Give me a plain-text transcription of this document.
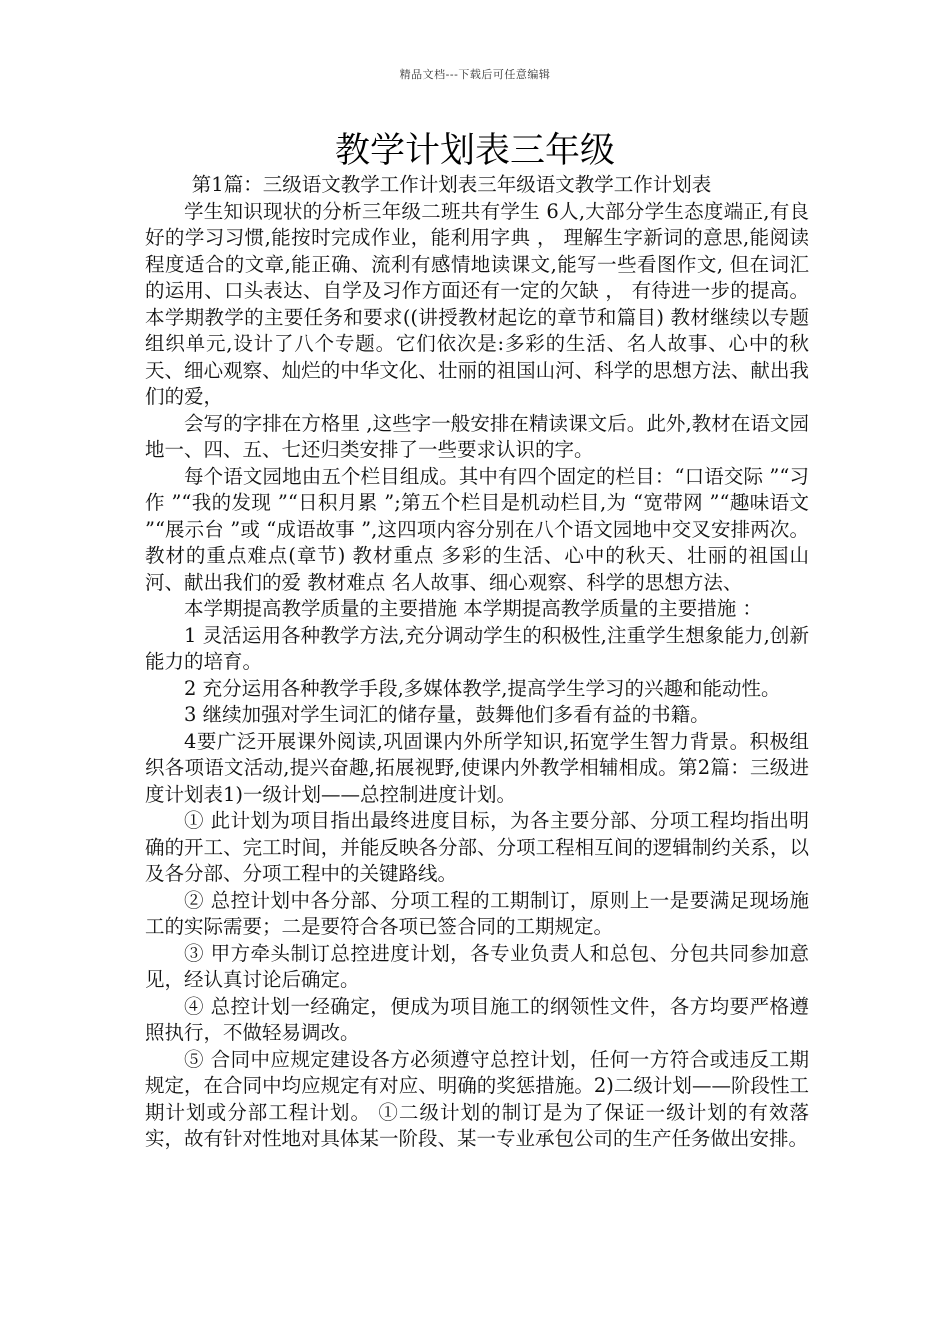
精品文档---下载后可任意编辑
教学计划表三年级

第1篇：三级语文教学工作计划表三年级语文教学工作计划表

学生知识现状的分析三年级二班共有学生 6人,大部分学生态度端正,有良好的学习习惯,能按时完成作业，能利用字典 ， 理解生字新词的意思,能阅读程度适合的文章,能正确、流利有感情地读课文,能写一些看图作文, 但在词汇的运用、口头表达、自学及习作方面还有一定的欠缺 ， 有待进一步的提高。 本学期教学的主要任务和要求((讲授教材起讫的章节和篇目) 教材继续以专题组织单元,设计了八个专题。它们依次是:多彩的生活、名人故事、心中的秋天、细心观察、灿烂的中华文化、壮丽的祖国山河、科学的思想方法、献出我们的爱，

会写的字排在方格里 ,这些字一般安排在精读课文后。此外,教材在语文园地一、四、五、七还归类安排了一些要求认识的字。

每个语文园地由五个栏目组成。其中有四个固定的栏目：“口语交际 ”“习作 ”“我的发现 ”“日积月累 ”;第五个栏目是机动栏目,为 “宽带网 ”“趣味语文 ”“展示台 ”或 “成语故事 ”,这四项内容分别在八个语文园地中交叉安排两次。 教材的重点难点(章节) 教材重点 多彩的生活、心中的秋天、壮丽的祖国山河、献出我们的爱 教材难点 名人故事、细心观察、科学的思想方法、

本学期提高教学质量的主要措施 本学期提高教学质量的主要措施 ：

1 灵活运用各种教学方法,充分调动学生的积极性,注重学生想象能力,创新能力的培育。

2 充分运用各种教学手段,多媒体教学,提高学生学习的兴趣和能动性。

3 继续加强对学生词汇的储存量，鼓舞他们多看有益的书籍。

4要广泛开展课外阅读,巩固课内外所学知识,拓宽学生智力背景。积极组织各项语文活动,提兴奋趣,拓展视野,使课内外教学相辅相成。第2篇：三级进度计划表1)一级计划——总控制进度计划。

① 此计划为项目指出最终进度目标，为各主要分部、分项工程均指出明确的开工、完工时间，并能反映各分部、分项工程相互间的逻辑制约关系，以及各分部、分项工程中的关键路线。

② 总控计划中各分部、分项工程的工期制订，原则上一是要满足现场施工的实际需要；二是要符合各项已签合同的工期规定。

③ 甲方牵头制订总控进度计划，各专业负责人和总包、分包共同参加意见，经认真讨论后确定。

④ 总控计划一经确定，便成为项目施工的纲领性文件，各方均要严格遵照执行，不做轻易调改。

⑤ 合同中应规定建设各方必须遵守总控计划，任何一方符合或违反工期规定，在合同中均应规定有对应、明确的奖惩措施。2)二级计划——阶段性工期计划或分部工程计划。 ①二级计划的制订是为了保证一级计划的有效落实，故有针对性地对具体某一阶段、某一专业承包公司的生产任务做出安排。
